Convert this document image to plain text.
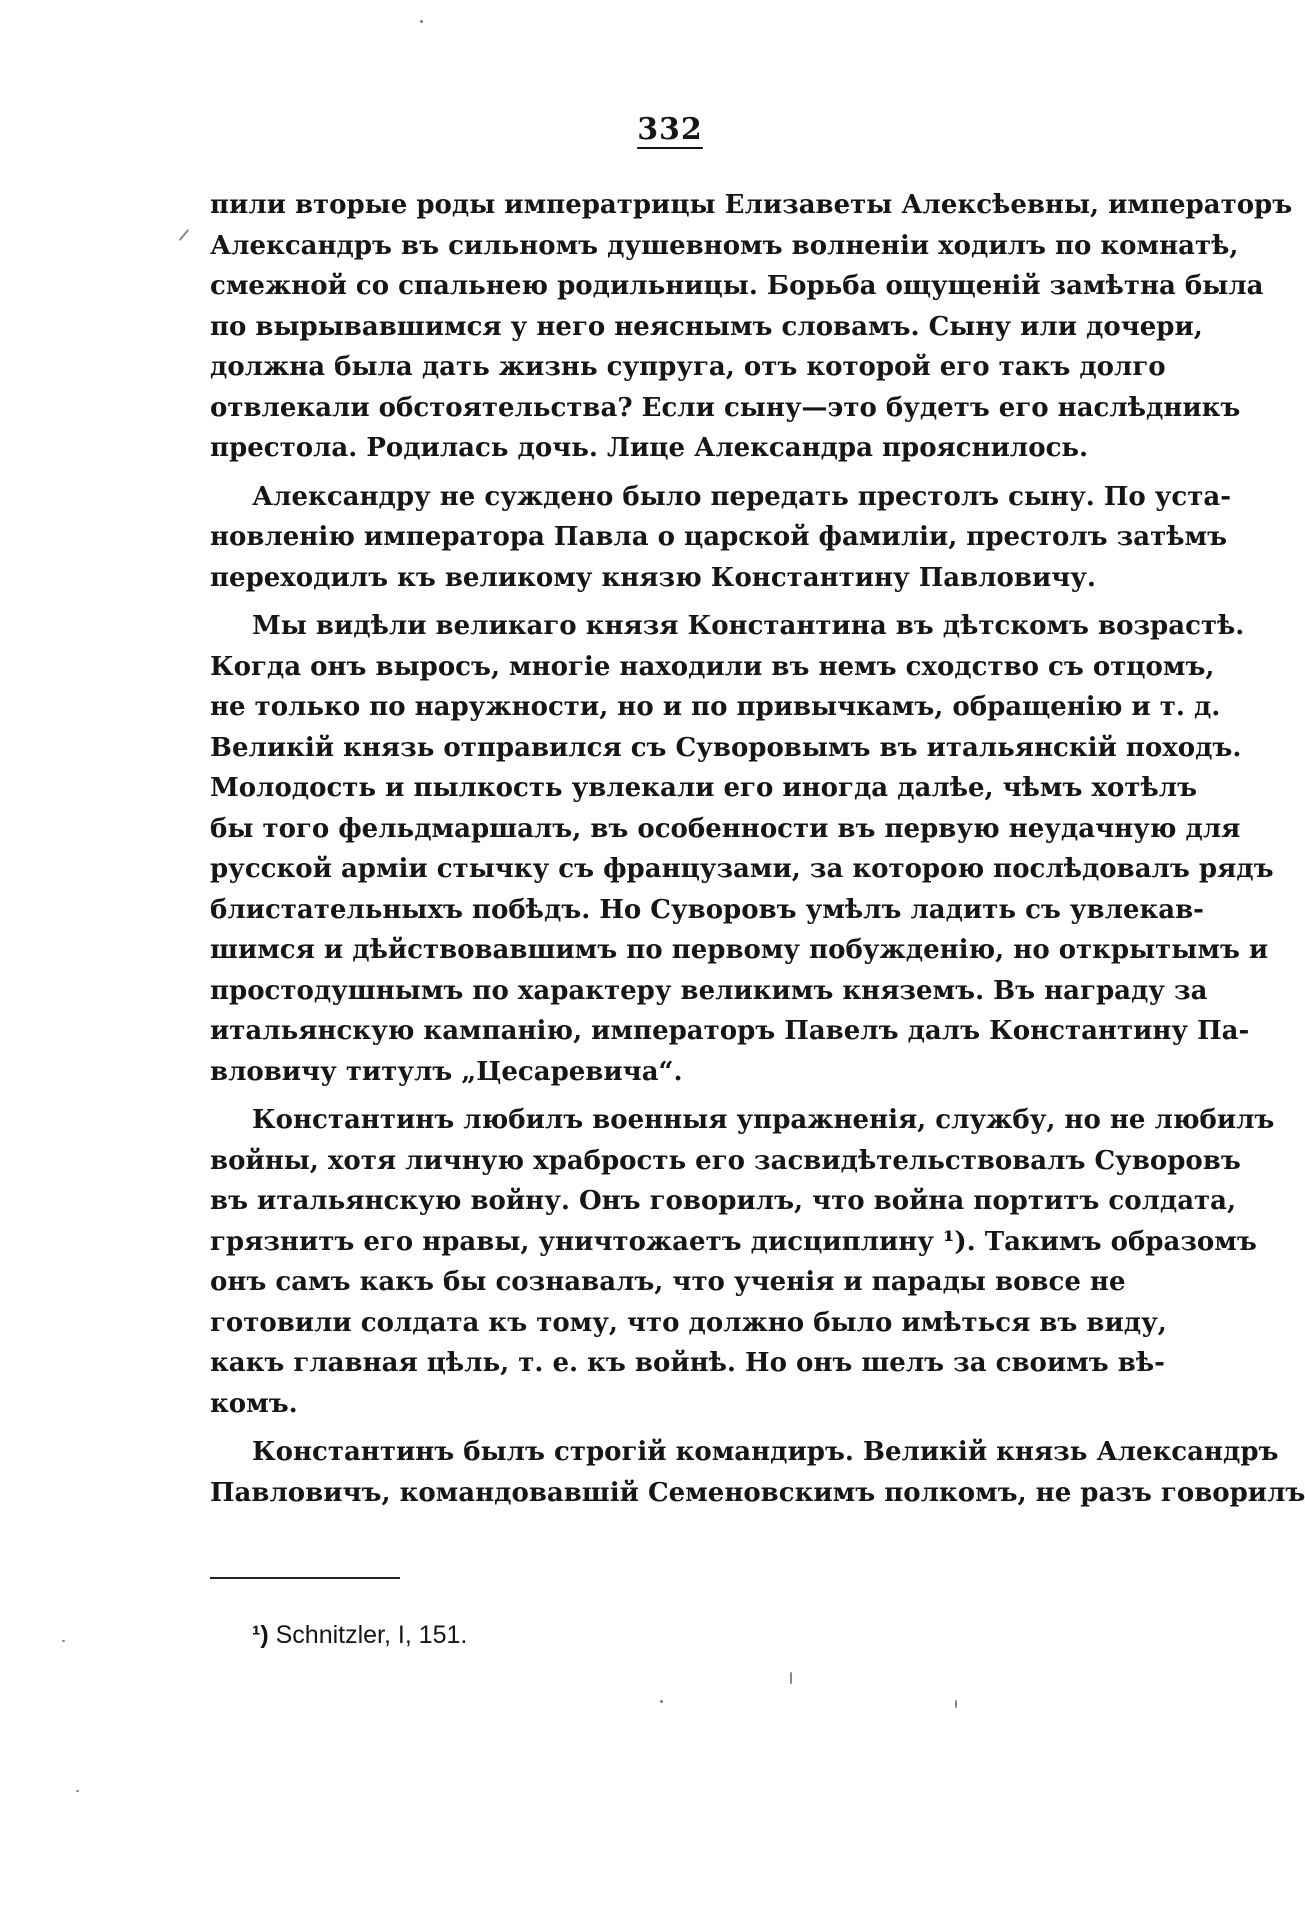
332
пили вторые роды императрицы Елизаветы Алексѣевны, императоръ
Александръ въ сильномъ душевномъ волненіи ходилъ по комнатѣ,
смежной со спальнею родильницы. Борьба ощущеній замѣтна была
по вырывавшимся у него неяснымъ словамъ. Сыну или дочери,
должна была дать жизнь супруга, отъ которой его такъ долго
отвлекали обстоятельства? Если сыну—это будетъ его наслѣдникъ
престола. Родилась дочь. Лице Александра прояснилось.
Александру не суждено было передать престолъ сыну. По уста-
новленію императора Павла о царской фамиліи, престолъ затѣмъ
переходилъ къ великому князю Константину Павловичу.
Мы видѣли великаго князя Константина въ дѣтскомъ возрастѣ.
Когда онъ выросъ, многіе находили въ немъ сходство съ отцомъ,
не только по наружности, но и по привычкамъ, обращенію и т. д.
Великій князь отправился съ Суворовымъ въ итальянскій походъ.
Молодость и пылкость увлекали его иногда далѣе, чѣмъ хотѣлъ
бы того фельдмаршалъ, въ особенности въ первую неудачную для
русской арміи стычку съ французами, за которою послѣдовалъ рядъ
блистательныхъ побѣдъ. Но Суворовъ умѣлъ ладить съ увлекав-
шимся и дѣйствовавшимъ по первому побужденію, но открытымъ и
простодушнымъ по характеру великимъ княземъ. Въ награду за
итальянскую кампанію, императоръ Павелъ далъ Константину Па-
вловичу титулъ „Цесаревича“.
Константинъ любилъ военныя упражненія, службу, но не любилъ
войны, хотя личную храбрость его засвидѣтельствовалъ Суворовъ
въ итальянскую войну. Онъ говорилъ, что война портитъ солдата,
грязнитъ его нравы, уничтожаетъ дисциплину ¹). Такимъ образомъ
онъ самъ какъ бы сознавалъ, что ученія и парады вовсе не
готовили солдата къ тому, что должно было имѣться въ виду,
какъ главная цѣль, т. е. къ войнѣ. Но онъ шелъ за своимъ вѣ-
комъ.
Константинъ былъ строгій командиръ. Великій князь Александръ
Павловичъ, командовавшій Семеновскимъ полкомъ, не разъ говорилъ
¹) Schnitzler, I, 151.
